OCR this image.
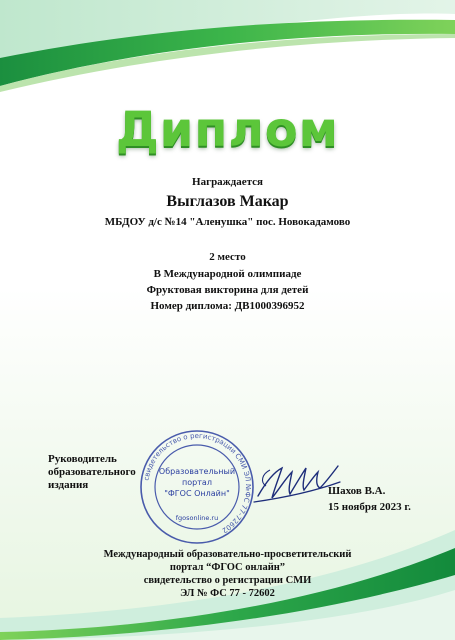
Диплом
Награждается
Выглазов Макар
МБДОУ д/с №14 "Аленушка" пос. Новокадамово
2 место
В Международной олимпиаде
Фруктовая викторина для детей
Номер диплома: ДВ1000396952
Руководитель образовательного издания
свидетельство о регистрации СМИ ЭЛ №ФС 77-72602
Образовательный
портал
"ФГОС Онлайн"
fgosonline.ru
Шахов В.А.
15 ноября 2023 г.
Международный образовательно-просветительский
портал “ФГОС онлайн”
свидетельство о регистрации СМИ
ЭЛ № ФС 77 - 72602
